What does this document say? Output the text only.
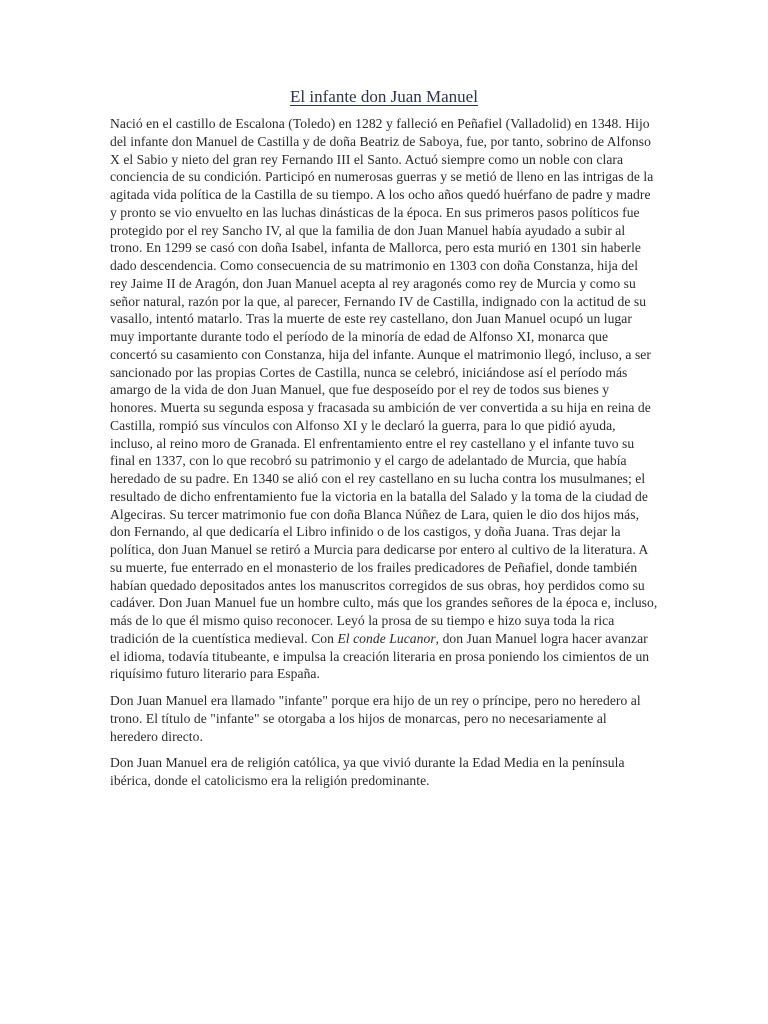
El infante don Juan Manuel

Nació en el castillo de Escalona (Toledo) en 1282 y falleció en Peñafiel (Valladolid) en 1348. Hijo del infante don Manuel de Castilla y de doña Beatriz de Saboya, fue, por tanto, sobrino de Alfonso X el Sabio y nieto del gran rey Fernando III el Santo. Actuó siempre como un noble con clara conciencia de su condición. Participó en numerosas guerras y se metió de lleno en las intrigas de la agitada vida política de la Castilla de su tiempo. A los ocho años quedó huérfano de padre y madre y pronto se vio envuelto en las luchas dinásticas de la época. En sus primeros pasos políticos fue protegido por el rey Sancho IV, al que la familia de don Juan Manuel había ayudado a subir al trono. En 1299 se casó con doña Isabel, infanta de Mallorca, pero esta murió en 1301 sin haberle dado descendencia. Como consecuencia de su matrimonio en 1303 con doña Constanza, hija del rey Jaime II de Aragón, don Juan Manuel acepta al rey aragonés como rey de Murcia y como su señor natural, razón por la que, al parecer, Fernando IV de Castilla, indignado con la actitud de su vasallo, intentó matarlo. Tras la muerte de este rey castellano, don Juan Manuel ocupó un lugar muy importante durante todo el período de la minoría de edad de Alfonso XI, monarca que concertó su casamiento con Constanza, hija del infante. Aunque el matrimonio llegó, incluso, a ser sancionado por las propias Cortes de Castilla, nunca se celebró, iniciándose así el período más amargo de la vida de don Juan Manuel, que fue desposeído por el rey de todos sus bienes y honores. Muerta su segunda esposa y fracasada su ambición de ver convertida a su hija en reina de Castilla, rompió sus vínculos con Alfonso XI y le declaró la guerra, para lo que pidió ayuda, incluso, al reino moro de Granada. El enfrentamiento entre el rey castellano y el infante tuvo su final en 1337, con lo que recobró su patrimonio y el cargo de adelantado de Murcia, que había heredado de su padre. En 1340 se alió con el rey castellano en su lucha contra los musulmanes; el resultado de dicho enfrentamiento fue la victoria en la batalla del Salado y la toma de la ciudad de Algeciras. Su tercer matrimonio fue con doña Blanca Núñez de Lara, quien le dio dos hijos más, don Fernando, al que dedicaría el Libro infinido o de los castigos, y doña Juana. Tras dejar la política, don Juan Manuel se retiró a Murcia para dedicarse por entero al cultivo de la literatura. A su muerte, fue enterrado en el monasterio de los frailes predicadores de Peñafiel, donde también habían quedado depositados antes los manuscritos corregidos de sus obras, hoy perdidos como su cadáver. Don Juan Manuel fue un hombre culto, más que los grandes señores de la época e, incluso, más de lo que él mismo quiso reconocer. Leyó la prosa de su tiempo e hizo suya toda la rica tradición de la cuentística medieval. Con El conde Lucanor, don Juan Manuel logra hacer avanzar el idioma, todavía titubeante, e impulsa la creación literaria en prosa poniendo los cimientos de un riquísimo futuro literario para España.

Don Juan Manuel era llamado "infante" porque era hijo de un rey o príncipe, pero no heredero al trono. El título de "infante" se otorgaba a los hijos de monarcas, pero no necesariamente al heredero directo.

Don Juan Manuel era de religión católica, ya que vivió durante la Edad Media en la península ibérica, donde el catolicismo era la religión predominante.
